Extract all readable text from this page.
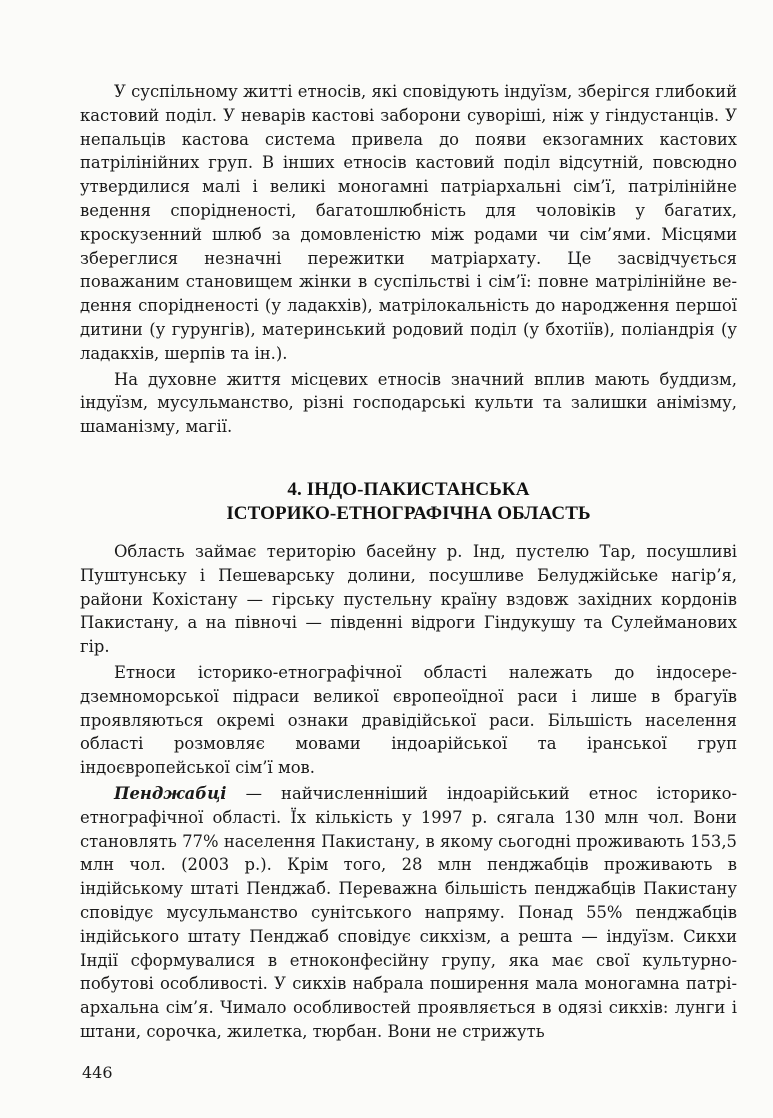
У суспільному житті етносів, які сповідують індуїзм, зберігся глибокий кастовий поділ. У неварів кастові заборони суворіші, ніж у гіндустанців. У непальців кастова система привела до появи екзогамних кастових патрілінійних груп. В інших етносів кастовий поділ відсутній, повсюдно утвердилися малі і великі моногамні патріархальні сім’ї, патрілінійне ведення спорідненості, багатошлюбність для чоловіків у багатих, кроскузенний шлюб за домовленістю між родами чи сім’ями. Місцями збереглися незначні пережитки матріархату. Це засвідчується поважаним становищем жінки в суспільстві і сім’ї: повне матрілінійне ведення спорідненості (у ладакхів), матрілокальність до народження першої дитини (у гурунгів), материнський родовий поділ (у бхотіїв), поліандрія (у ладакхів, шерпів та ін.).

На духовне життя місцевих етносів значний вплив мають буддизм, індуїзм, мусульманство, різні господарські культи та залишки анімізму, шаманізму, магії.

4. ІНДО-ПАКИСТАНСЬКА
ІСТОРИКО-ЕТНОГРАФІЧНА ОБЛАСТЬ

Область займає територію басейну р. Інд, пустелю Тар, посушливі Пуштунську і Пешеварську долини, посушливе Белуджійське нагір’я, райони Кохістану — гірську пустельну країну вздовж західних кордонів Пакистану, а на півночі — південні відроги Гіндукушу та Сулейманових гір.

Етноси історико-етнографічної області належать до індосередземноморської підраси великої європеоїдної раси і лише в брагуїв проявляються окремі ознаки дравідійської раси. Більшість населення області розмовляє мовами індоарійської та іранської груп індоєвропейської сім’ї мов.

Пенджабці — найчисленніший індоарійський етнос історико-етнографічної області. Їх кількість у 1997 р. сягала 130 млн чол. Вони становлять 77% населення Пакистану, в якому сьогодні проживають 153,5 млн чол. (2003 р.). Крім того, 28 млн пенджабців проживають в індійському штаті Пенджаб. Переважна більшість пенджабців Пакистану сповідує мусульманство сунітського напряму. Понад 55% пенджабців індійського штату Пенджаб сповідує сикхізм, а решта — індуїзм. Сикхи Індії сформувалися в етноконфесійну групу, яка має свої культурно-побутові особливості. У сикхів набрала поширення мала моногамна патріархальна сім’я. Чимало особливостей проявляється в одязі сикхів: лунги і штани, сорочка, жилетка, тюрбан. Вони не стрижуть

446
